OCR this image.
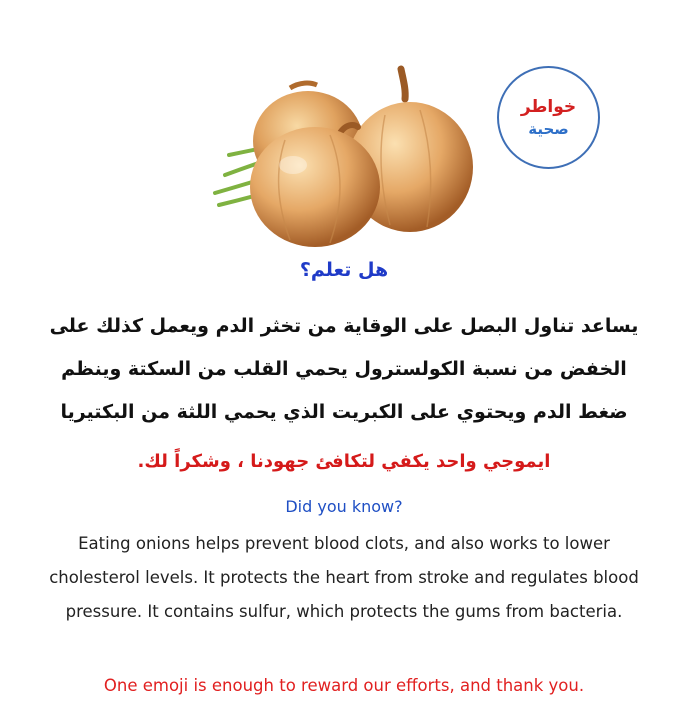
خواطر
صحية
هل تعلم؟
يساعد تناول البصل على الوقاية من تخثر الدم ويعمل كذلك على الخفض من نسبة الكولسترول يحمي القلب من السكتة وينظم ضغط الدم ويحتوي على الكبريت الذي يحمي اللثة من البكتيريا
ايموجي واحد يكفي لتكافئ جهودنا ، وشكراً لك.
Did you know?
Eating onions helps prevent blood clots, and also works to lower cholesterol levels. It protects the heart from stroke and regulates blood pressure. It contains sulfur, which protects the gums from bacteria.
One emoji is enough to reward our efforts, and thank you.
